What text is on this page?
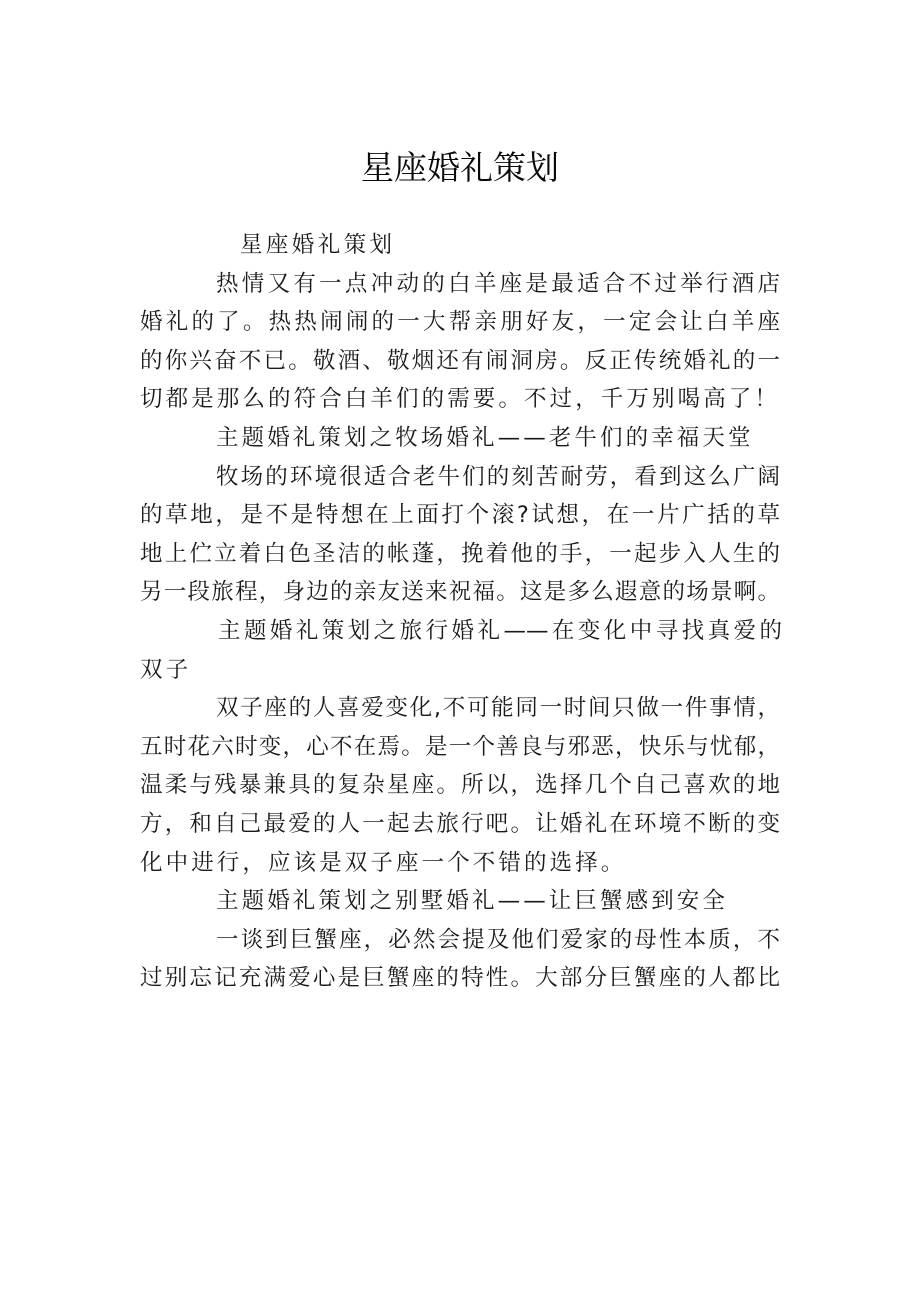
星座婚礼策划
星座婚礼策划
热情又有一点冲动的白羊座是最适合不过举行酒店
婚礼的了。热热闹闹的一大帮亲朋好友，一定会让白羊座
的你兴奋不已。敬酒、敬烟还有闹洞房。反正传统婚礼的一
切都是那么的符合白羊们的需要。不过，千万别喝高了！
主题婚礼策划之牧场婚礼——老牛们的幸福天堂
牧场的环境很适合老牛们的刻苦耐劳，看到这么广阔
的草地，是不是特想在上面打个滚?试想，在一片广括的草
地上伫立着白色圣洁的帐蓬，挽着他的手，一起步入人生的
另一段旅程，身边的亲友送来祝福。这是多么遐意的场景啊。
主题婚礼策划之旅行婚礼——在变化中寻找真爱的
双子
双子座的人喜爱变化,不可能同一时间只做一件事情，
五时花六时变，心不在焉。是一个善良与邪恶，快乐与忧郁，
温柔与残暴兼具的复杂星座。所以，选择几个自己喜欢的地
方，和自己最爱的人一起去旅行吧。让婚礼在环境不断的变
化中进行，应该是双子座一个不错的选择。
主题婚礼策划之别墅婚礼——让巨蟹感到安全
一谈到巨蟹座，必然会提及他们爱家的母性本质，不
过别忘记充满爱心是巨蟹座的特性。大部分巨蟹座的人都比
